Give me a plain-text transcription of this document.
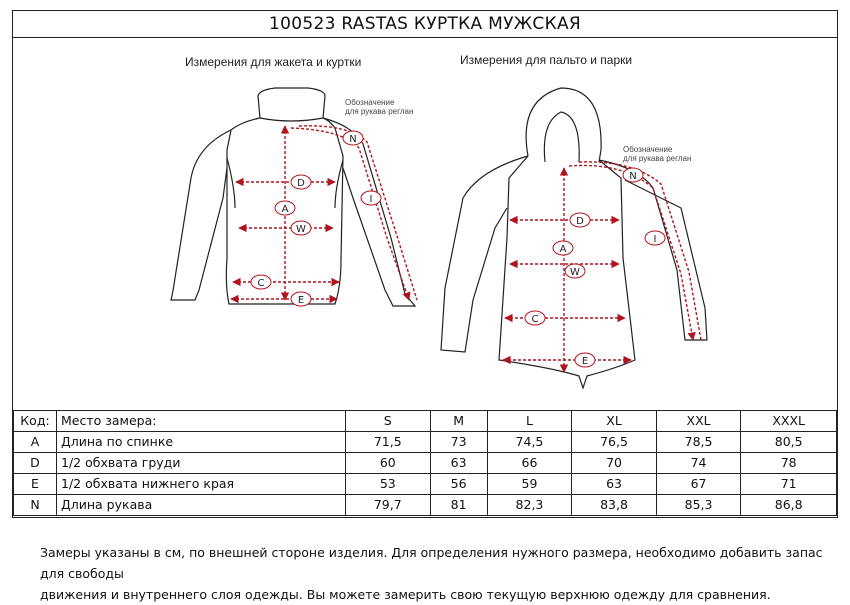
100523 RASTAS КУРТКА МУЖСКАЯ
Измерения для жакета и куртки	Измерения для пальто и парки
Обозначение
для рукава реглан
Обозначение
для рукава реглан
D
A
W
C
E
N
I
D
A
W
C
E
N
I
Код:	Место замера:	S	M	L	XL	XXL	XXXL
A	Длина по спинке	71,5	73	74,5	76,5	78,5	80,5
D	1/2 обхвата груди	60	63	66	70	74	78
E	1/2 обхвата нижнего края	53	56	59	63	67	71
N	Длина рукава	79,7	81	82,3	83,8	85,3	86,8

Замеры указаны в см, по внешней стороне изделия. Для определения нужного размера, необходимо добавить запас для свободы

движения и внутреннего слоя одежды. Вы можете замерить свою текущую верхнюю одежду для сравнения.
